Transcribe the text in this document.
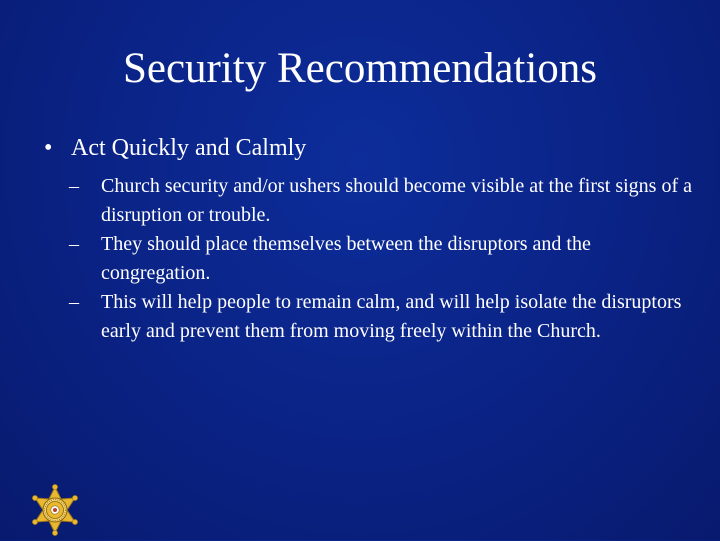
Security Recommendations
• Act Quickly and Calmly
– Church security and/or ushers should become visible at the first signs of a disruption or trouble.
– They should place themselves between the disruptors and the congregation.
– This will help people to remain calm, and will help isolate the disruptors early and prevent them from moving freely within the Church.
